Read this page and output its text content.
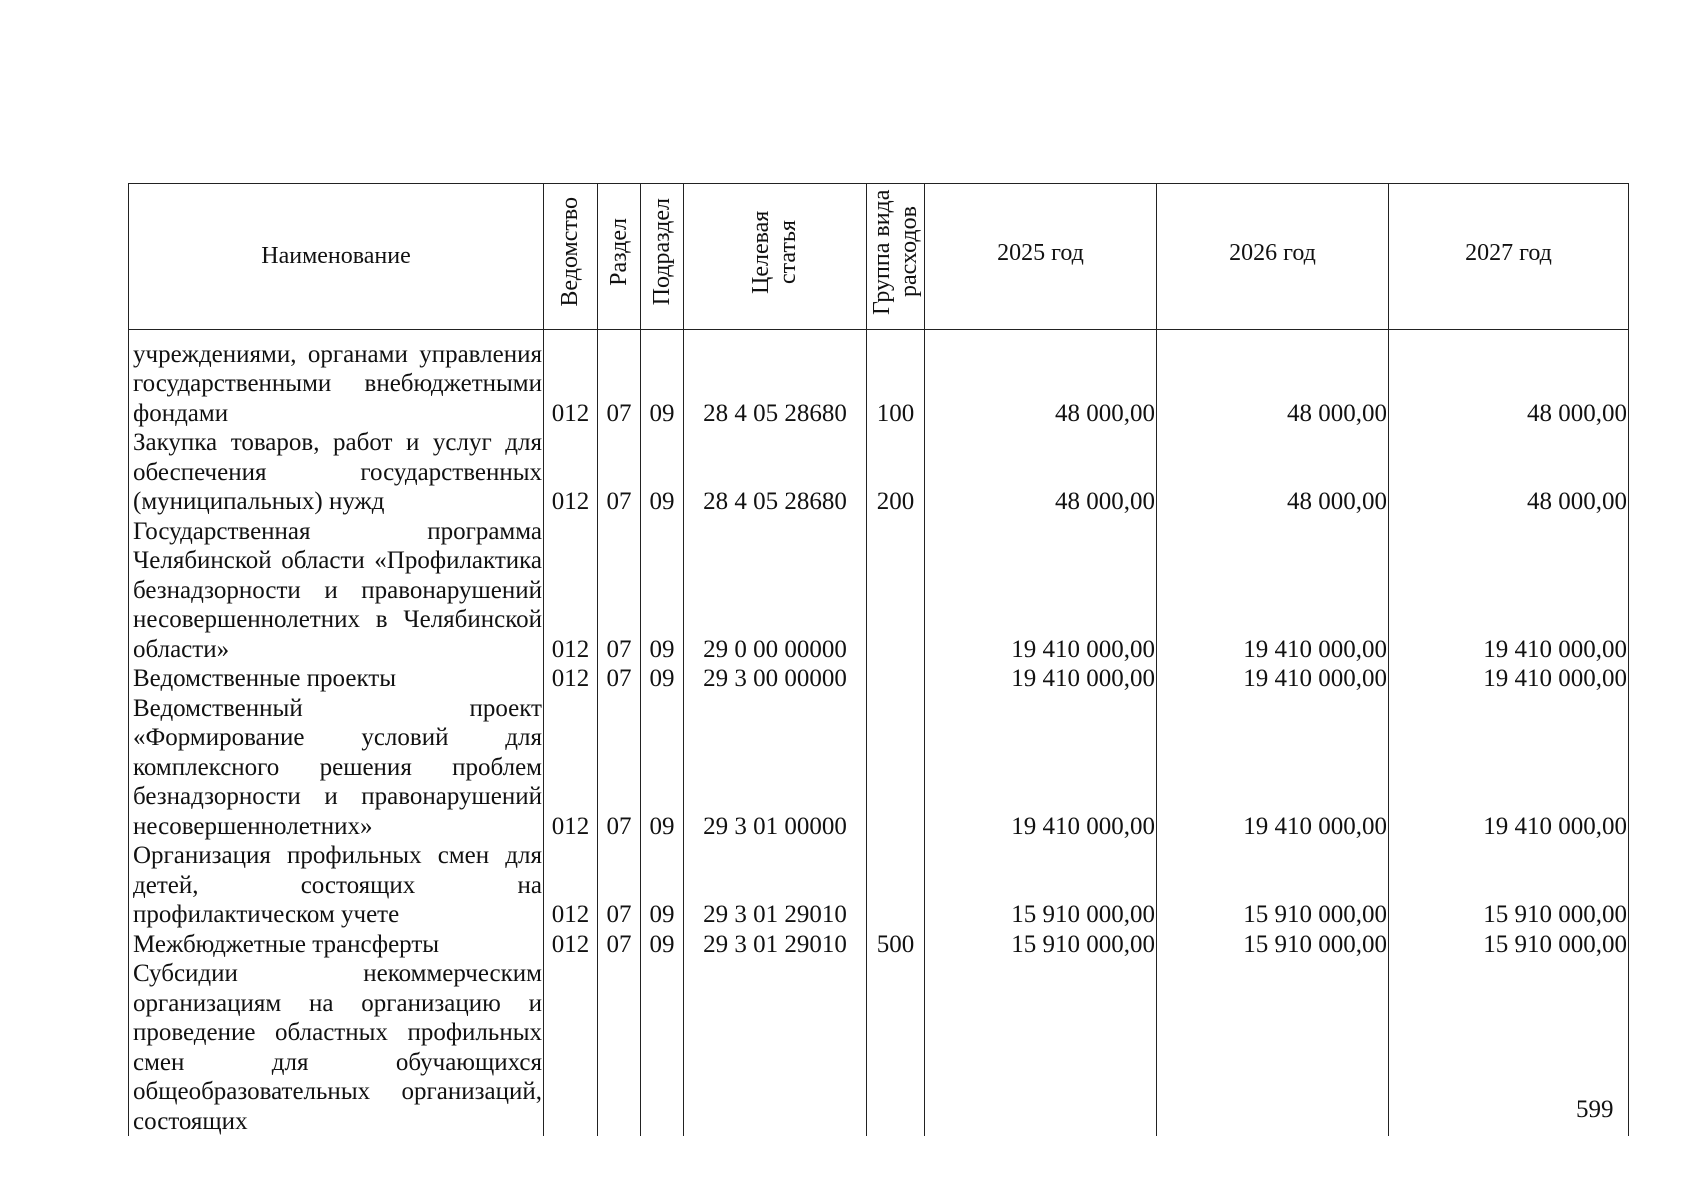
Наименование	Ведомство	Раздел	Подраздел	Целевая статья	Группа вида расходов	2025 год	2026 год	2027 год

учреждениями, органами управления государственными внебюджетными фондами	012	07	09	28 4 05 28680	100	48 000,00	48 000,00	48 000,00
Закупка товаров, работ и услуг для обеспечения государственных (муниципальных) нужд	012	07	09	28 4 05 28680	200	48 000,00	48 000,00	48 000,00
Государственная программа Челябинской области «Профилактика безнадзорности и правонарушений несовершеннолетних в Челябинской области»	012	07	09	29 0 00 00000		19 410 000,00	19 410 000,00	19 410 000,00
Ведомственные проекты	012	07	09	29 3 00 00000		19 410 000,00	19 410 000,00	19 410 000,00
Ведомственный проект «Формирование условий для комплексного решения проблем безнадзорности и правонарушений несовершеннолетних»	012	07	09	29 3 01 00000		19 410 000,00	19 410 000,00	19 410 000,00
Организация профильных смен для детей, состоящих на профилактическом учете	012	07	09	29 3 01 29010		15 910 000,00	15 910 000,00	15 910 000,00
Межбюджетные трансферты	012	07	09	29 3 01 29010	500	15 910 000,00	15 910 000,00	15 910 000,00
Субсидии некоммерческим организациям на организацию и проведение областных профильных смен для обучающихся общеобразовательных организаций, состоящих									599
